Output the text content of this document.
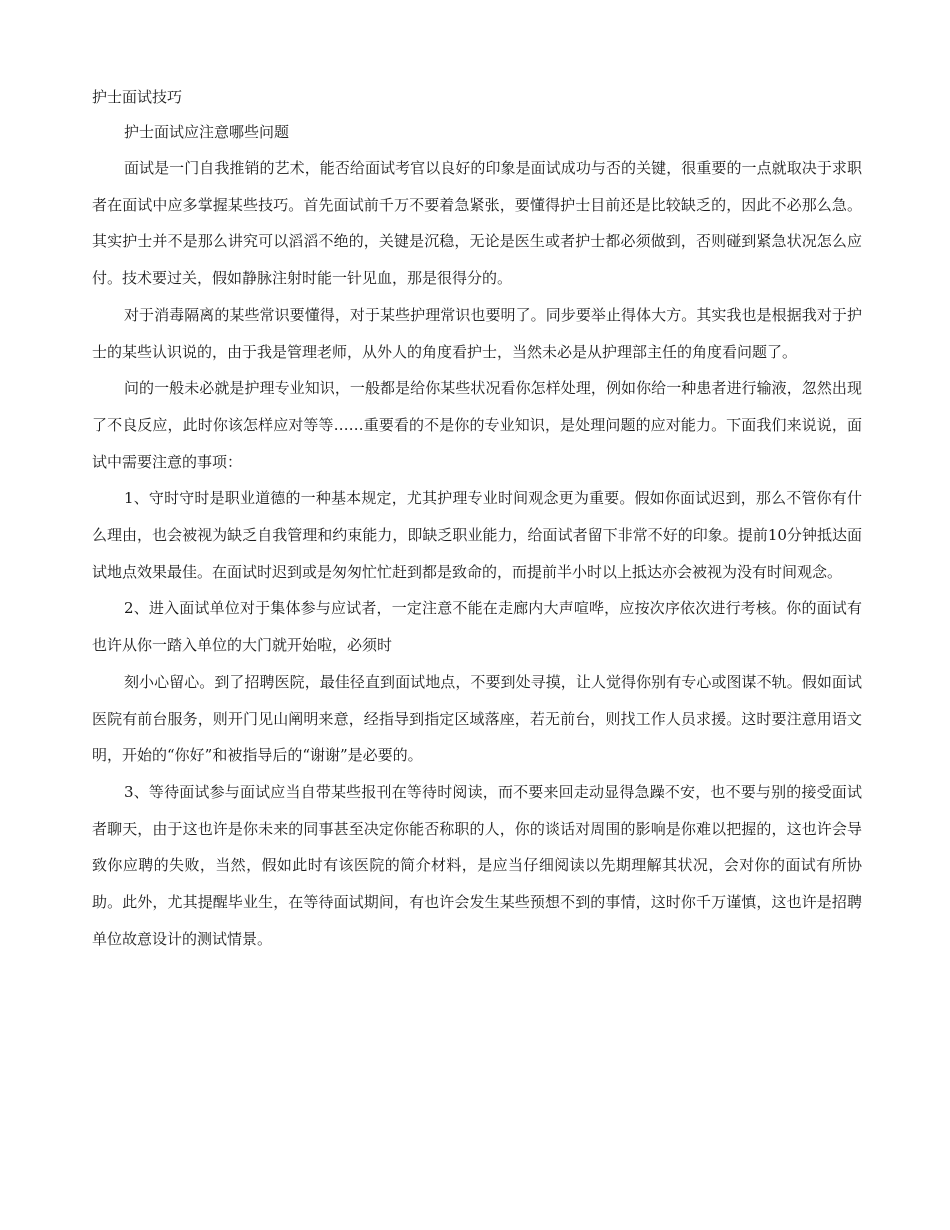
护士面试技巧

护士面试应注意哪些问题

面试是一门自我推销的艺术，能否给面试考官以良好的印象是面试成功与否的关键，很重要的一点就取决于求职者在面试中应多掌握某些技巧。首先面试前千万不要着急紧张，要懂得护士目前还是比较缺乏的，因此不必那么急。其实护士并不是那么讲究可以滔滔不绝的，关键是沉稳，无论是医生或者护士都必须做到，否则碰到紧急状况怎么应付。技术要过关，假如静脉注射时能一针见血，那是很得分的。

对于消毒隔离的某些常识要懂得，对于某些护理常识也要明了。同步要举止得体大方。其实我也是根据我对于护士的某些认识说的，由于我是管理老师，从外人的角度看护士，当然未必是从护理部主任的角度看问题了。

问的一般未必就是护理专业知识，一般都是给你某些状况看你怎样处理，例如你给一种患者进行输液，忽然出现了不良反应，此时你该怎样应对等等……重要看的不是你的专业知识，是处理问题的应对能力。下面我们来说说，面试中需要注意的事项：

1、守时守时是职业道德的一种基本规定，尤其护理专业时间观念更为重要。假如你面试迟到，那么不管你有什么理由，也会被视为缺乏自我管理和约束能力，即缺乏职业能力，给面试者留下非常不好的印象。提前10分钟抵达面试地点效果最佳。在面试时迟到或是匆匆忙忙赶到都是致命的，而提前半小时以上抵达亦会被视为没有时间观念。

2、进入面试单位对于集体参与应试者，一定注意不能在走廊内大声喧哗，应按次序依次进行考核。你的面试有也许从你一踏入单位的大门就开始啦，必须时

刻小心留心。到了招聘医院，最佳径直到面试地点，不要到处寻摸，让人觉得你别有专心或图谋不轨。假如面试医院有前台服务，则开门见山阐明来意，经指导到指定区域落座，若无前台，则找工作人员求援。这时要注意用语文明，开始的“你好”和被指导后的“谢谢”是必要的。

3、等待面试参与面试应当自带某些报刊在等待时阅读，而不要来回走动显得急躁不安，也不要与别的接受面试者聊天，由于这也许是你未来的同事甚至决定你能否称职的人，你的谈话对周围的影响是你难以把握的，这也许会导致你应聘的失败，当然，假如此时有该医院的简介材料，是应当仔细阅读以先期理解其状况，会对你的面试有所协助。此外，尤其提醒毕业生，在等待面试期间，有也许会发生某些预想不到的事情，这时你千万谨慎，这也许是招聘单位故意设计的测试情景。
